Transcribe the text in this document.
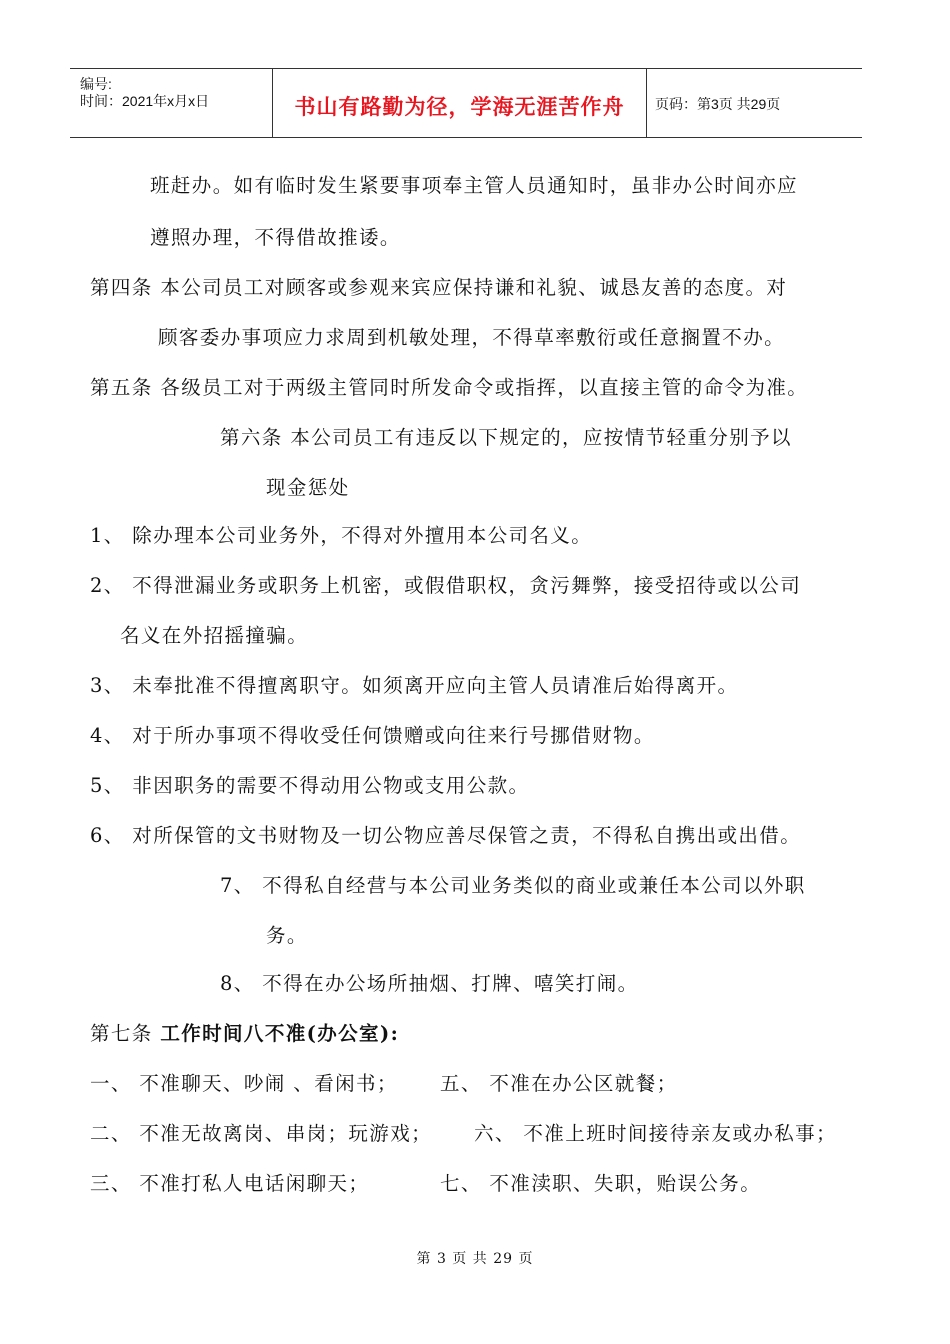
编号:
时间：2021年x月x日	书山有路勤为径，学海无涯苦作舟	页码：第3页 共29页
班赶办。如有临时发生紧要事项奉主管人员通知时，虽非办公时间亦应
遵照办理，不得借故推诿。
第四条 本公司员工对顾客或参观来宾应保持谦和礼貌、诚恳友善的态度。对
顾客委办事项应力求周到机敏处理，不得草率敷衍或任意搁置不办。
第五条 各级员工对于两级主管同时所发命令或指挥，以直接主管的命令为准。
第六条 本公司员工有违反以下规定的，应按情节轻重分别予以
现金惩处
1、 除办理本公司业务外，不得对外擅用本公司名义。
2、 不得泄漏业务或职务上机密，或假借职权，贪污舞弊，接受招待或以公司
名义在外招摇撞骗。
3、 未奉批准不得擅离职守。如须离开应向主管人员请准后始得离开。
4、 对于所办事项不得收受任何馈赠或向往来行号挪借财物。
5、 非因职务的需要不得动用公物或支用公款。
6、 对所保管的文书财物及一切公物应善尽保管之责，不得私自携出或出借。
7、 不得私自经营与本公司业务类似的商业或兼任本公司以外职
务。
8、 不得在办公场所抽烟、打牌、嘻笑打闹。
第七条 工作时间八不准(办公室):
一、 不准聊天、吵闹 、看闲书； 五、 不准在办公区就餐；
二、 不准无故离岗、串岗；玩游戏； 六、 不准上班时间接待亲友或办私事；
三、 不准打私人电话闲聊天；	七、 不准渎职、失职，贻误公务。
第 3 页 共 29 页
